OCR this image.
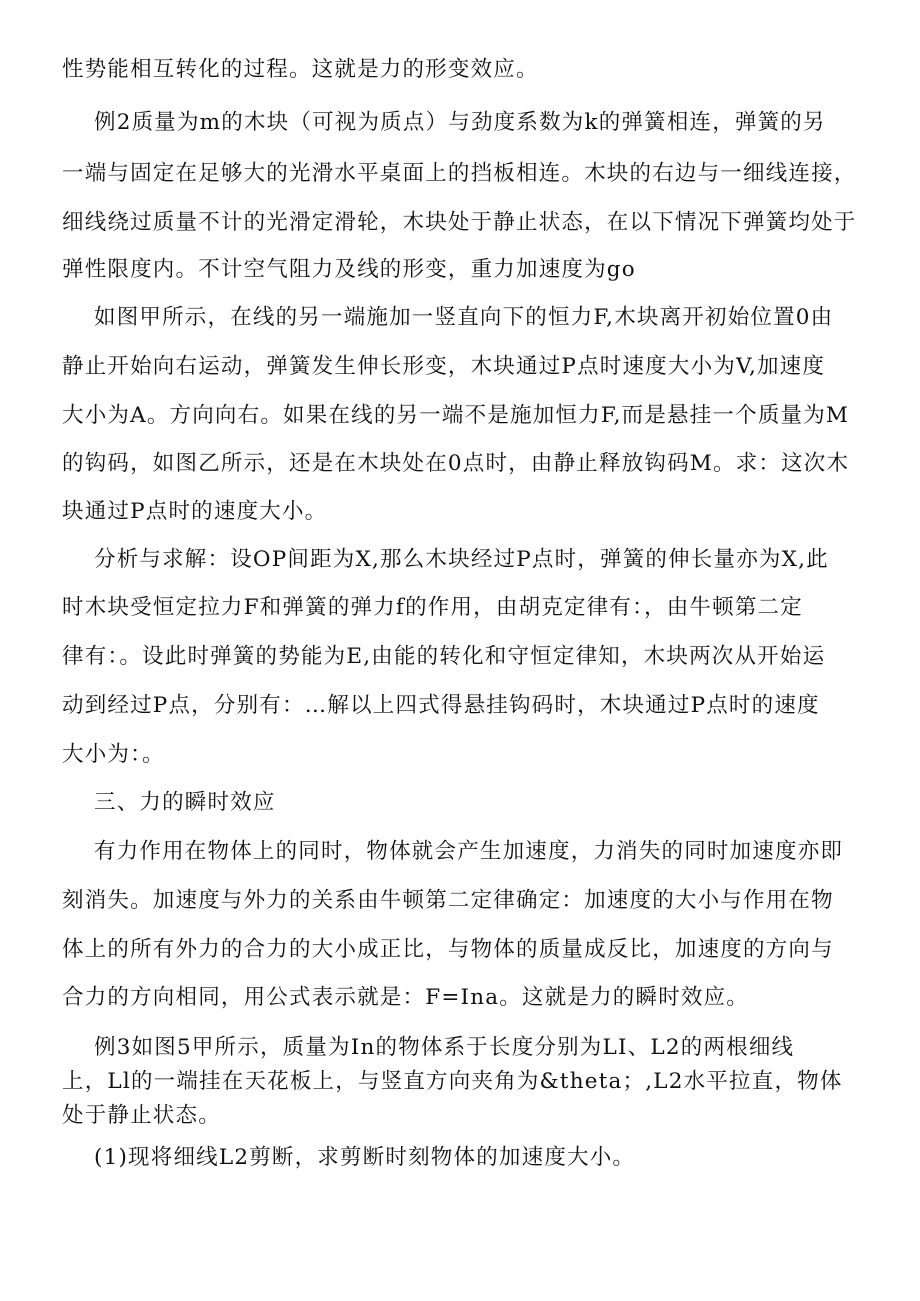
性势能相互转化的过程。这就是力的形变效应。
例2质量为m的木块（可视为质点）与劲度系数为k的弹簧相连，弹簧的另
一端与固定在足够大的光滑水平桌面上的挡板相连。木块的右边与一细线连接，
细线绕过质量不计的光滑定滑轮，木块处于静止状态，在以下情况下弹簧均处于
弹性限度内。不计空气阻力及线的形变，重力加速度为go
如图甲所示，在线的另一端施加一竖直向下的恒力F,木块离开初始位置0由
静止开始向右运动，弹簧发生伸长形变，木块通过P点时速度大小为V,加速度
大小为A。方向向右。如果在线的另一端不是施加恒力F,而是悬挂一个质量为M
的钩码，如图乙所示，还是在木块处在0点时，由静止释放钩码M。求：这次木
块通过P点时的速度大小。
分析与求解：设OP间距为X,那么木块经过P点时，弹簧的伸长量亦为X,此
时木块受恒定拉力F和弹簧的弹力f的作用，由胡克定律有：，由牛顿第二定
律有：。设此时弹簧的势能为E,由能的转化和守恒定律知，木块两次从开始运
动到经过P点，分别有：…解以上四式得悬挂钩码时，木块通过P点时的速度
大小为：。
三、力的瞬时效应
有力作用在物体上的同时，物体就会产生加速度，力消失的同时加速度亦即
刻消失。加速度与外力的关系由牛顿第二定律确定：加速度的大小与作用在物
体上的所有外力的合力的大小成正比，与物体的质量成反比，加速度的方向与
合力的方向相同，用公式表示就是：F=Ina。这就是力的瞬时效应。
例3如图5甲所示，质量为In的物体系于长度分别为LI、L2的两根细线
上，Ll的一端挂在天花板上，与竖直方向夹角为&theta；,L2水平拉直，物体
处于静止状态。
(1)现将细线L2剪断，求剪断时刻物体的加速度大小。
